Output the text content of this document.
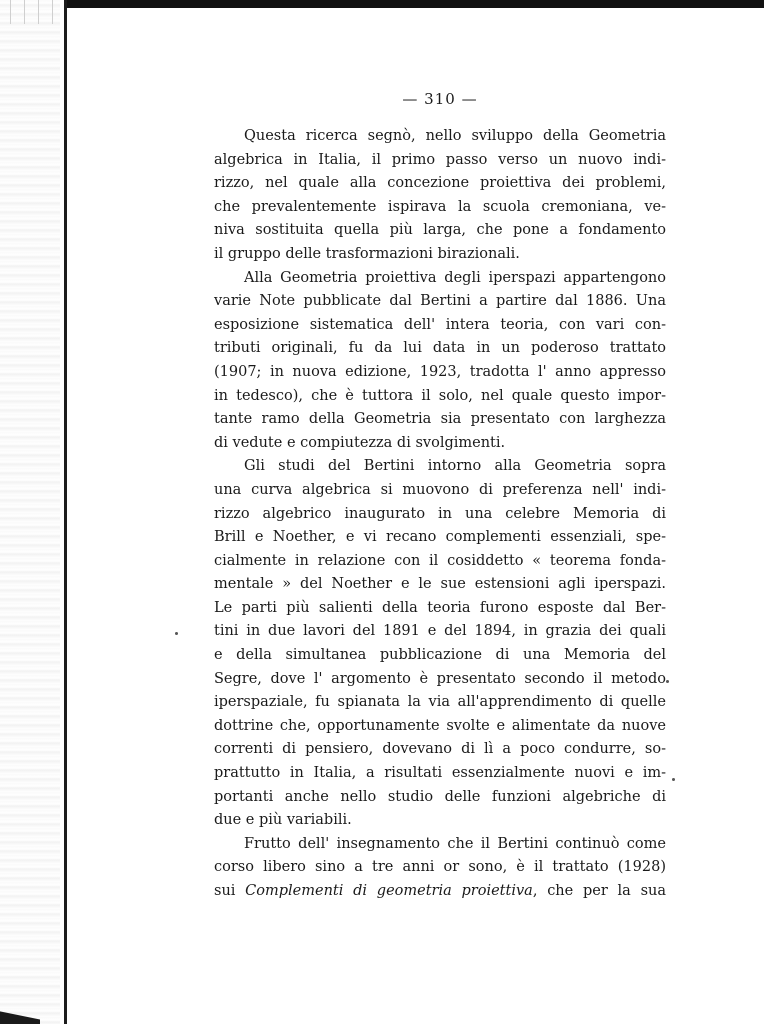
— 310 —
Questa ricerca segnò, nello sviluppo della Geometria
algebrica in Italia, il primo passo verso un nuovo indi-
rizzo, nel quale alla concezione proiettiva dei problemi,
che prevalentemente ispirava la scuola cremoniana, ve-
niva sostituita quella più larga, che pone a fondamento
il gruppo delle trasformazioni birazionali.
Alla Geometria proiettiva degli iperspazi appartengono
varie Note pubblicate dal Bertini a partire dal 1886. Una
esposizione sistematica dell' intera teoria, con vari con-
tributi originali, fu da lui data in un poderoso trattato
(1907; in nuova edizione, 1923, tradotta l' anno appresso
in tedesco), che è tuttora il solo, nel quale questo impor-
tante ramo della Geometria sia presentato con larghezza
di vedute e compiutezza di svolgimenti.
Gli studi del Bertini intorno alla Geometria sopra
una curva algebrica si muovono di preferenza nell' indi-
rizzo algebrico inaugurato in una celebre Memoria di
Brill e Noether, e vi recano complementi essenziali, spe-
cialmente in relazione con il cosiddetto « teorema fonda-
mentale » del Noether e le sue estensioni agli iperspazi.
Le parti più salienti della teoria furono esposte dal Ber-
tini in due lavori del 1891 e del 1894, in grazia dei quali
e della simultanea pubblicazione di una Memoria del
Segre, dove l' argomento è presentato secondo il metodo
iperspaziale, fu spianata la via all'apprendimento di quelle
dottrine che, opportunamente svolte e alimentate da nuove
correnti di pensiero, dovevano di lì a poco condurre, so-
prattutto in Italia, a risultati essenzialmente nuovi e im-
portanti anche nello studio delle funzioni algebriche di
due e più variabili.
Frutto dell' insegnamento che il Bertini continuò come
corso libero sino a tre anni or sono, è il trattato (1928)
sui Complementi di geometria proiettiva, che per la sua
